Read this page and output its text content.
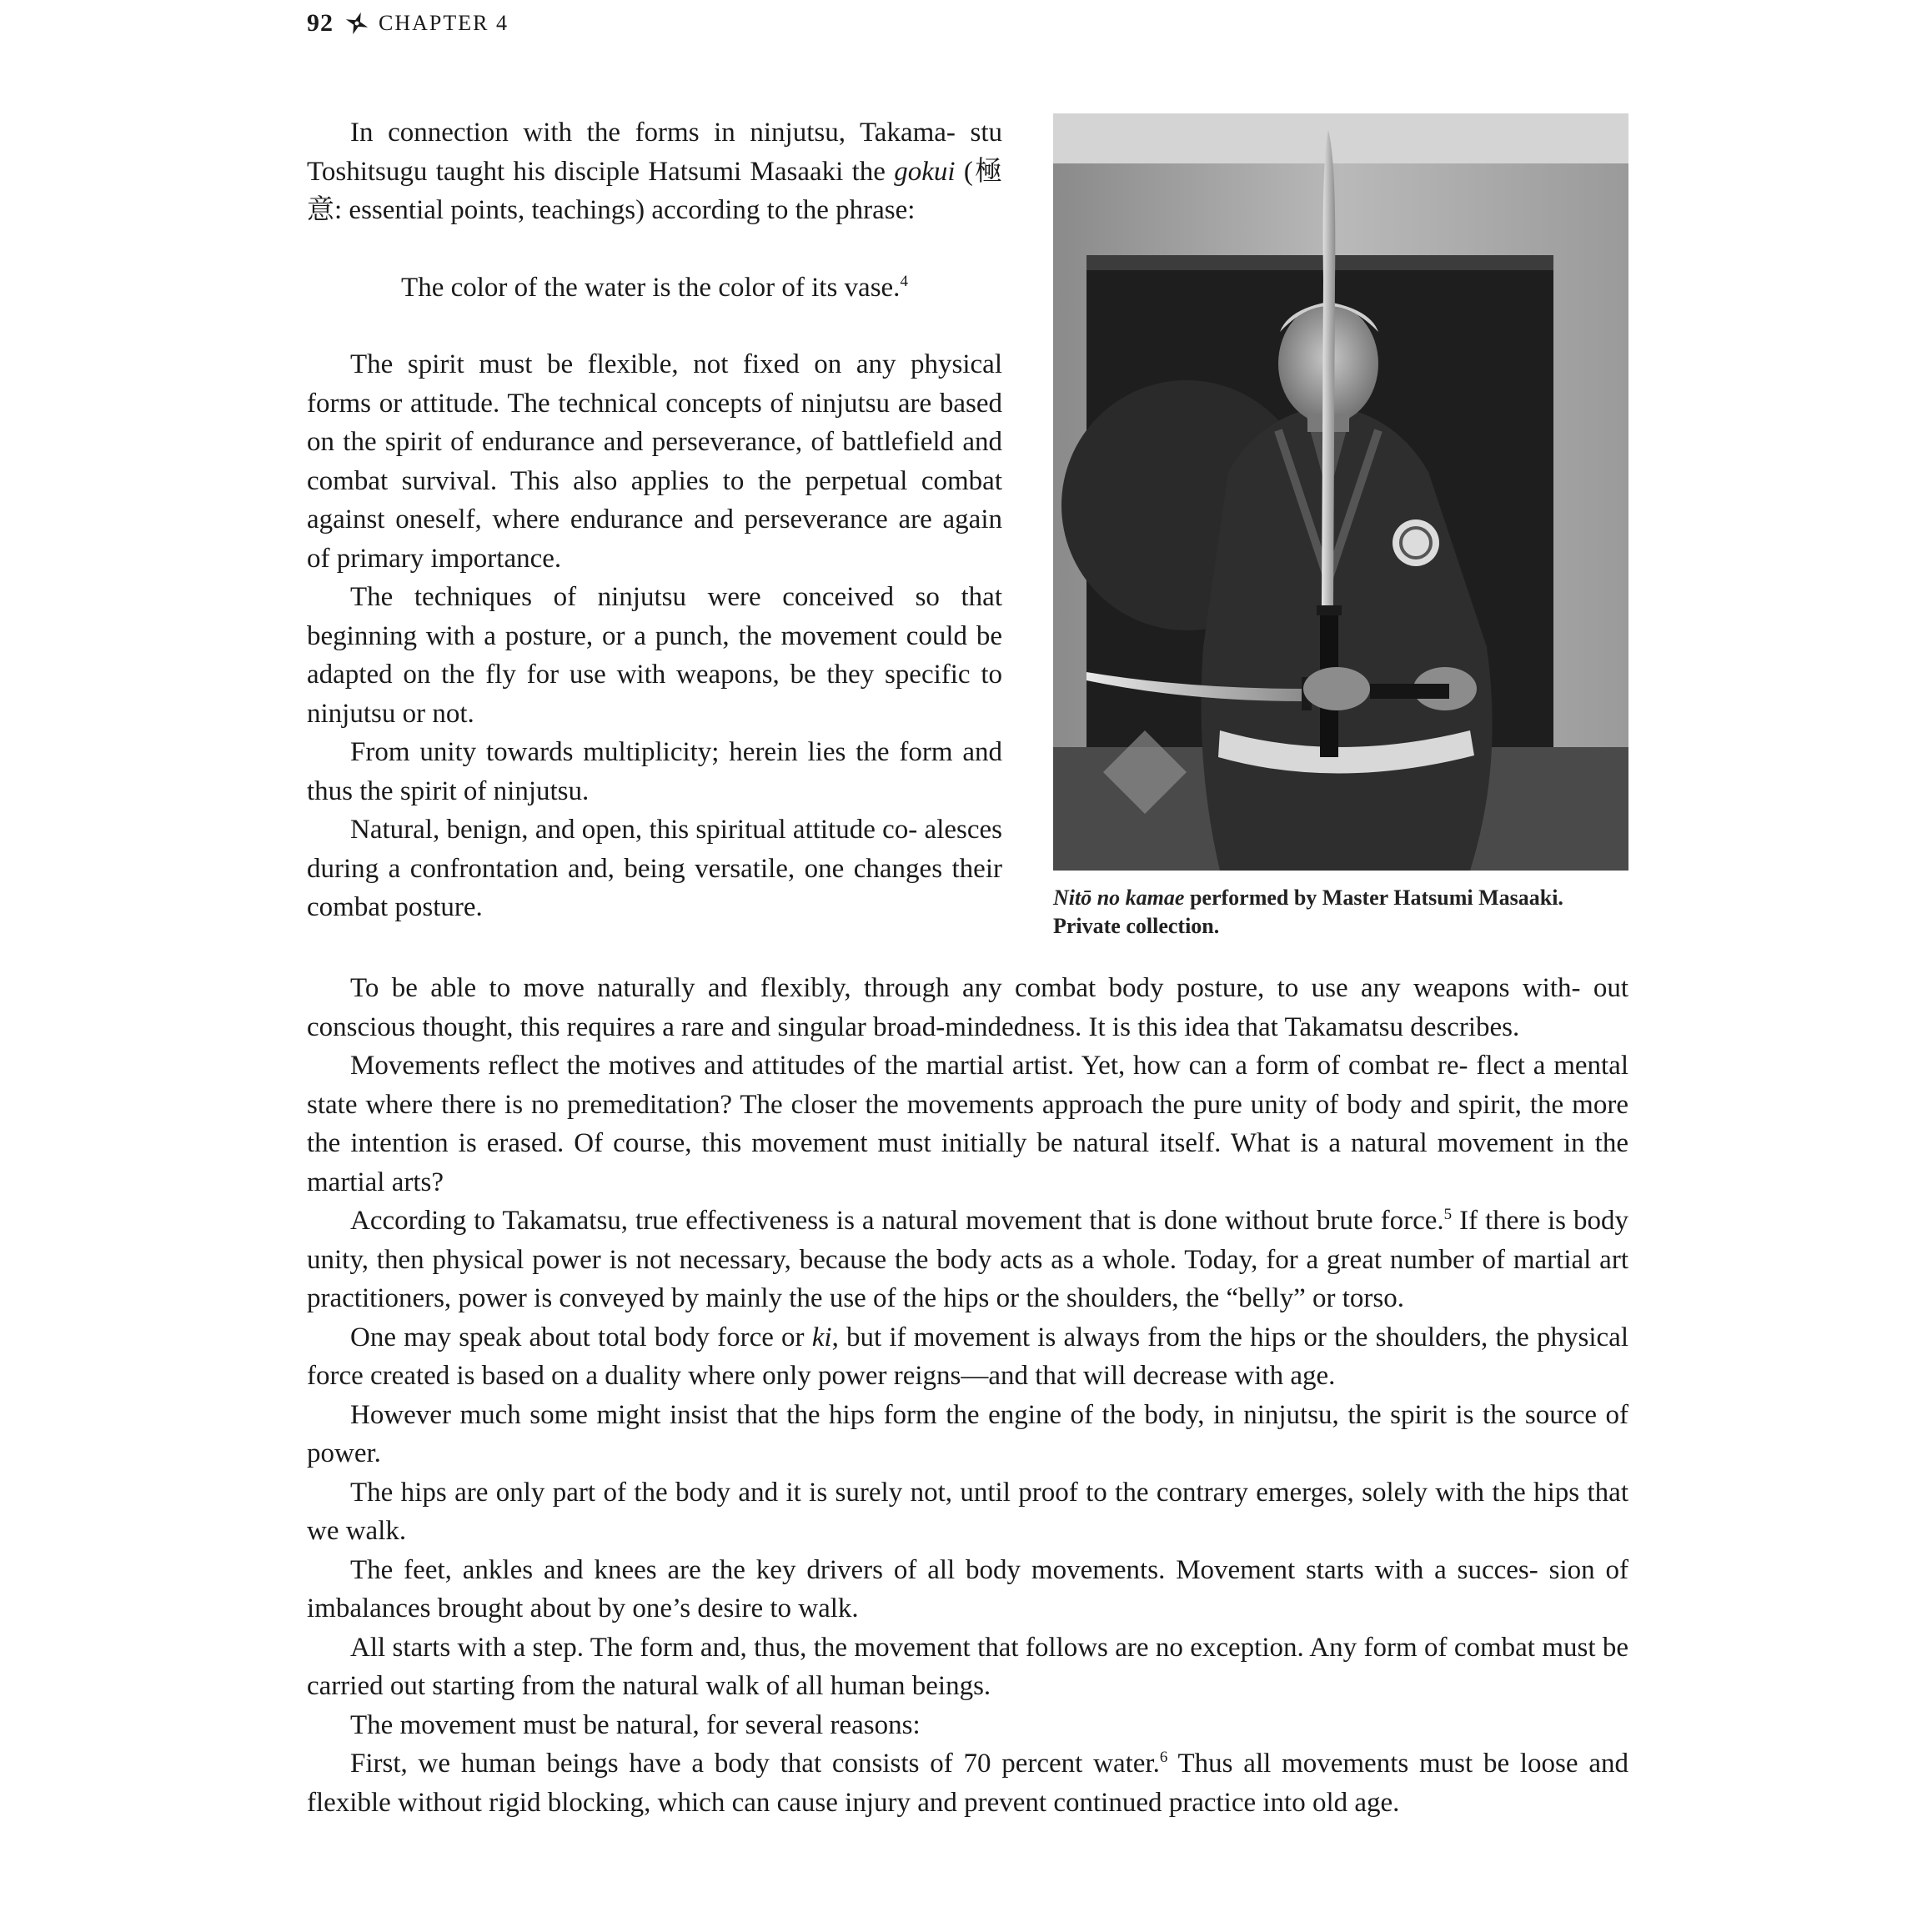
92 CHAPTER 4

In connection with the forms in ninjutsu, Takama- stu Toshitsugu taught his disciple Hatsumi Masaaki the gokui (極 意: essential points, teachings) according to the phrase:

The color of the water is the color of its vase.$^4$

The spirit must be flexible, not fixed on any physical forms or attitude. The technical concepts of ninjutsu are based on the spirit of endurance and perseverance, of battlefield and combat survival. This also applies to the perpetual combat against oneself, where endurance and perseverance are again of primary importance.

The techniques of ninjutsu were conceived so that beginning with a posture, or a punch, the movement could be adapted on the fly for use with weapons, be they specific to ninjutsu or not.

From unity towards multiplicity; herein lies the form and thus the spirit of ninjutsu.

Natural, benign, and open, this spiritual attitude co- alesces during a confrontation and, being versatile, one changes their combat posture.	Nitō no kamae performed by Master Hatsumi Masaaki.
Private collection.

To be able to move naturally and flexibly, through any combat body posture, to use any weapons with- out conscious thought, this requires a rare and singular broad-mindedness. It is this idea that Takamatsu describes.

Movements reflect the motives and attitudes of the martial artist. Yet, how can a form of combat re- flect a mental state where there is no premeditation? The closer the movements approach the pure unity of body and spirit, the more the intention is erased. Of course, this movement must initially be natural itself. What is a natural movement in the martial arts?

According to Takamatsu, true effectiveness is a natural movement that is done without brute force.$^5$ If there is body unity, then physical power is not necessary, because the body acts as a whole. Today, for a great number of martial art practitioners, power is conveyed by mainly the use of the hips or the shoulders, the “belly” or torso.

One may speak about total body force or ki, but if movement is always from the hips or the shoulders, the physical force created is based on a duality where only power reigns—and that will decrease with age.

However much some might insist that the hips form the engine of the body, in ninjutsu, the spirit is the source of power.

The hips are only part of the body and it is surely not, until proof to the contrary emerges, solely with the hips that we walk.

The feet, ankles and knees are the key drivers of all body movements. Movement starts with a succes- sion of imbalances brought about by one’s desire to walk.

All starts with a step. The form and, thus, the movement that follows are no exception. Any form of combat must be carried out starting from the natural walk of all human beings.

The movement must be natural, for several reasons:

First, we human beings have a body that consists of 70 percent water.$^6$ Thus all movements must be loose and flexible without rigid blocking, which can cause injury and prevent continued practice into old age.
